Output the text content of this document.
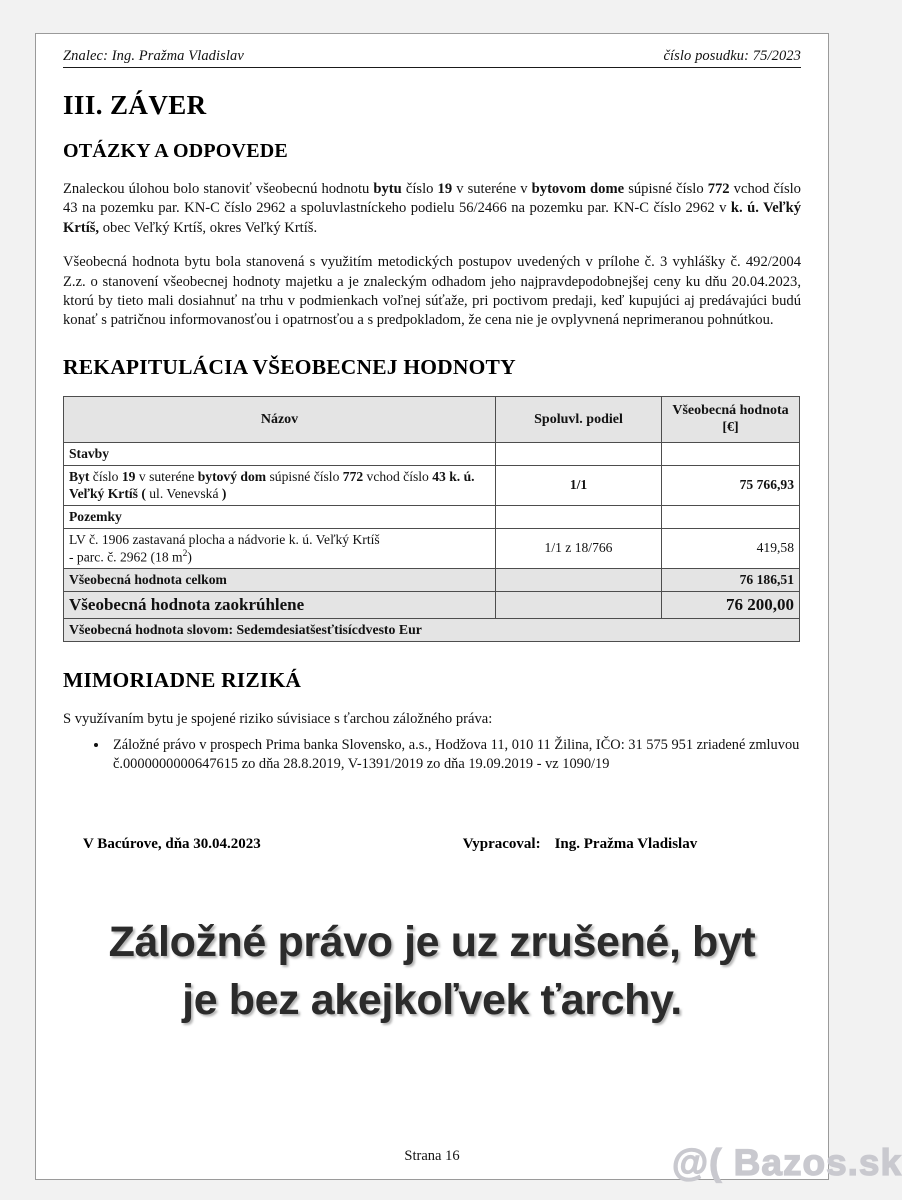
Znalec: Ing. Pražma Vladislav	číslo posudku: 75/2023
III. ZÁVER
OTÁZKY A ODPOVEDE

Znaleckou úlohou bolo stanoviť všeobecnú hodnotu bytu číslo 19 v suteréne v bytovom dome súpisné číslo 772 vchod číslo 43 na pozemku par. KN-C číslo 2962 a spoluvlastníckeho podielu 56/2466 na pozemku par. KN-C číslo 2962 v k. ú. Veľký Krtíš, obec Veľký Krtíš, okres Veľký Krtíš.

Všeobecná hodnota bytu bola stanovená s využitím metodických postupov uvedených v prílohe č. 3 vyhlášky č. 492/2004 Z.z. o stanovení všeobecnej hodnoty majetku a je znaleckým odhadom jeho najpravdepodobnejšej ceny ku dňu 20.04.2023, ktorú by tieto mali dosiahnuť na trhu v podmienkach voľnej súťaže, pri poctivom predaji, keď kupujúci aj predávajúci budú konať s patričnou informovanosťou i opatrnosťou a s predpokladom, že cena nie je ovplyvnená neprimeranou pohnútkou.

REKAPITULÁCIA VŠEOBECNEJ HODNOTY
Názov	Spoluvl. podiel	Všeobecná hodnota [€]
Stavby		
Byt číslo 19 v suteréne bytový dom súpisné číslo 772 vchod číslo 43 k. ú. Veľký Krtíš ( ul. Venevská )	1/1	75 766,93
Pozemky		
LV č. 1906 zastavaná plocha a nádvorie k. ú. Veľký Krtíš
- parc. č. 2962 (18 $m^2$)	1/1 z 18/766	419,58
Všeobecná hodnota celkom		76 186,51
Všeobecná hodnota zaokrúhlene		76 200,00
Všeobecná hodnota slovom: Sedemdesiatšesťtisícdvesto Eur		
MIMORIADNE RIZIKÁ

S využívaním bytu je spojené riziko súvisiace s ťarchou záložného práva:

• Záložné právo v prospech Prima banka Slovensko, a.s., Hodžova 11, 010 11 Žilina, IČO: 31 575 951 zriadené zmluvou č.0000000000647615 zo dňa 28.8.2019, V-1391/2019 zo dňa 19.09.2019 - vz 1090/19
V Bacúrove, dňa 30.04.2023	Vypracoval: Ing. Pražma Vladislav
Záložné právo je uz zrušené, byt
je bez akejkoľvek ťarchy.
Strana 16
